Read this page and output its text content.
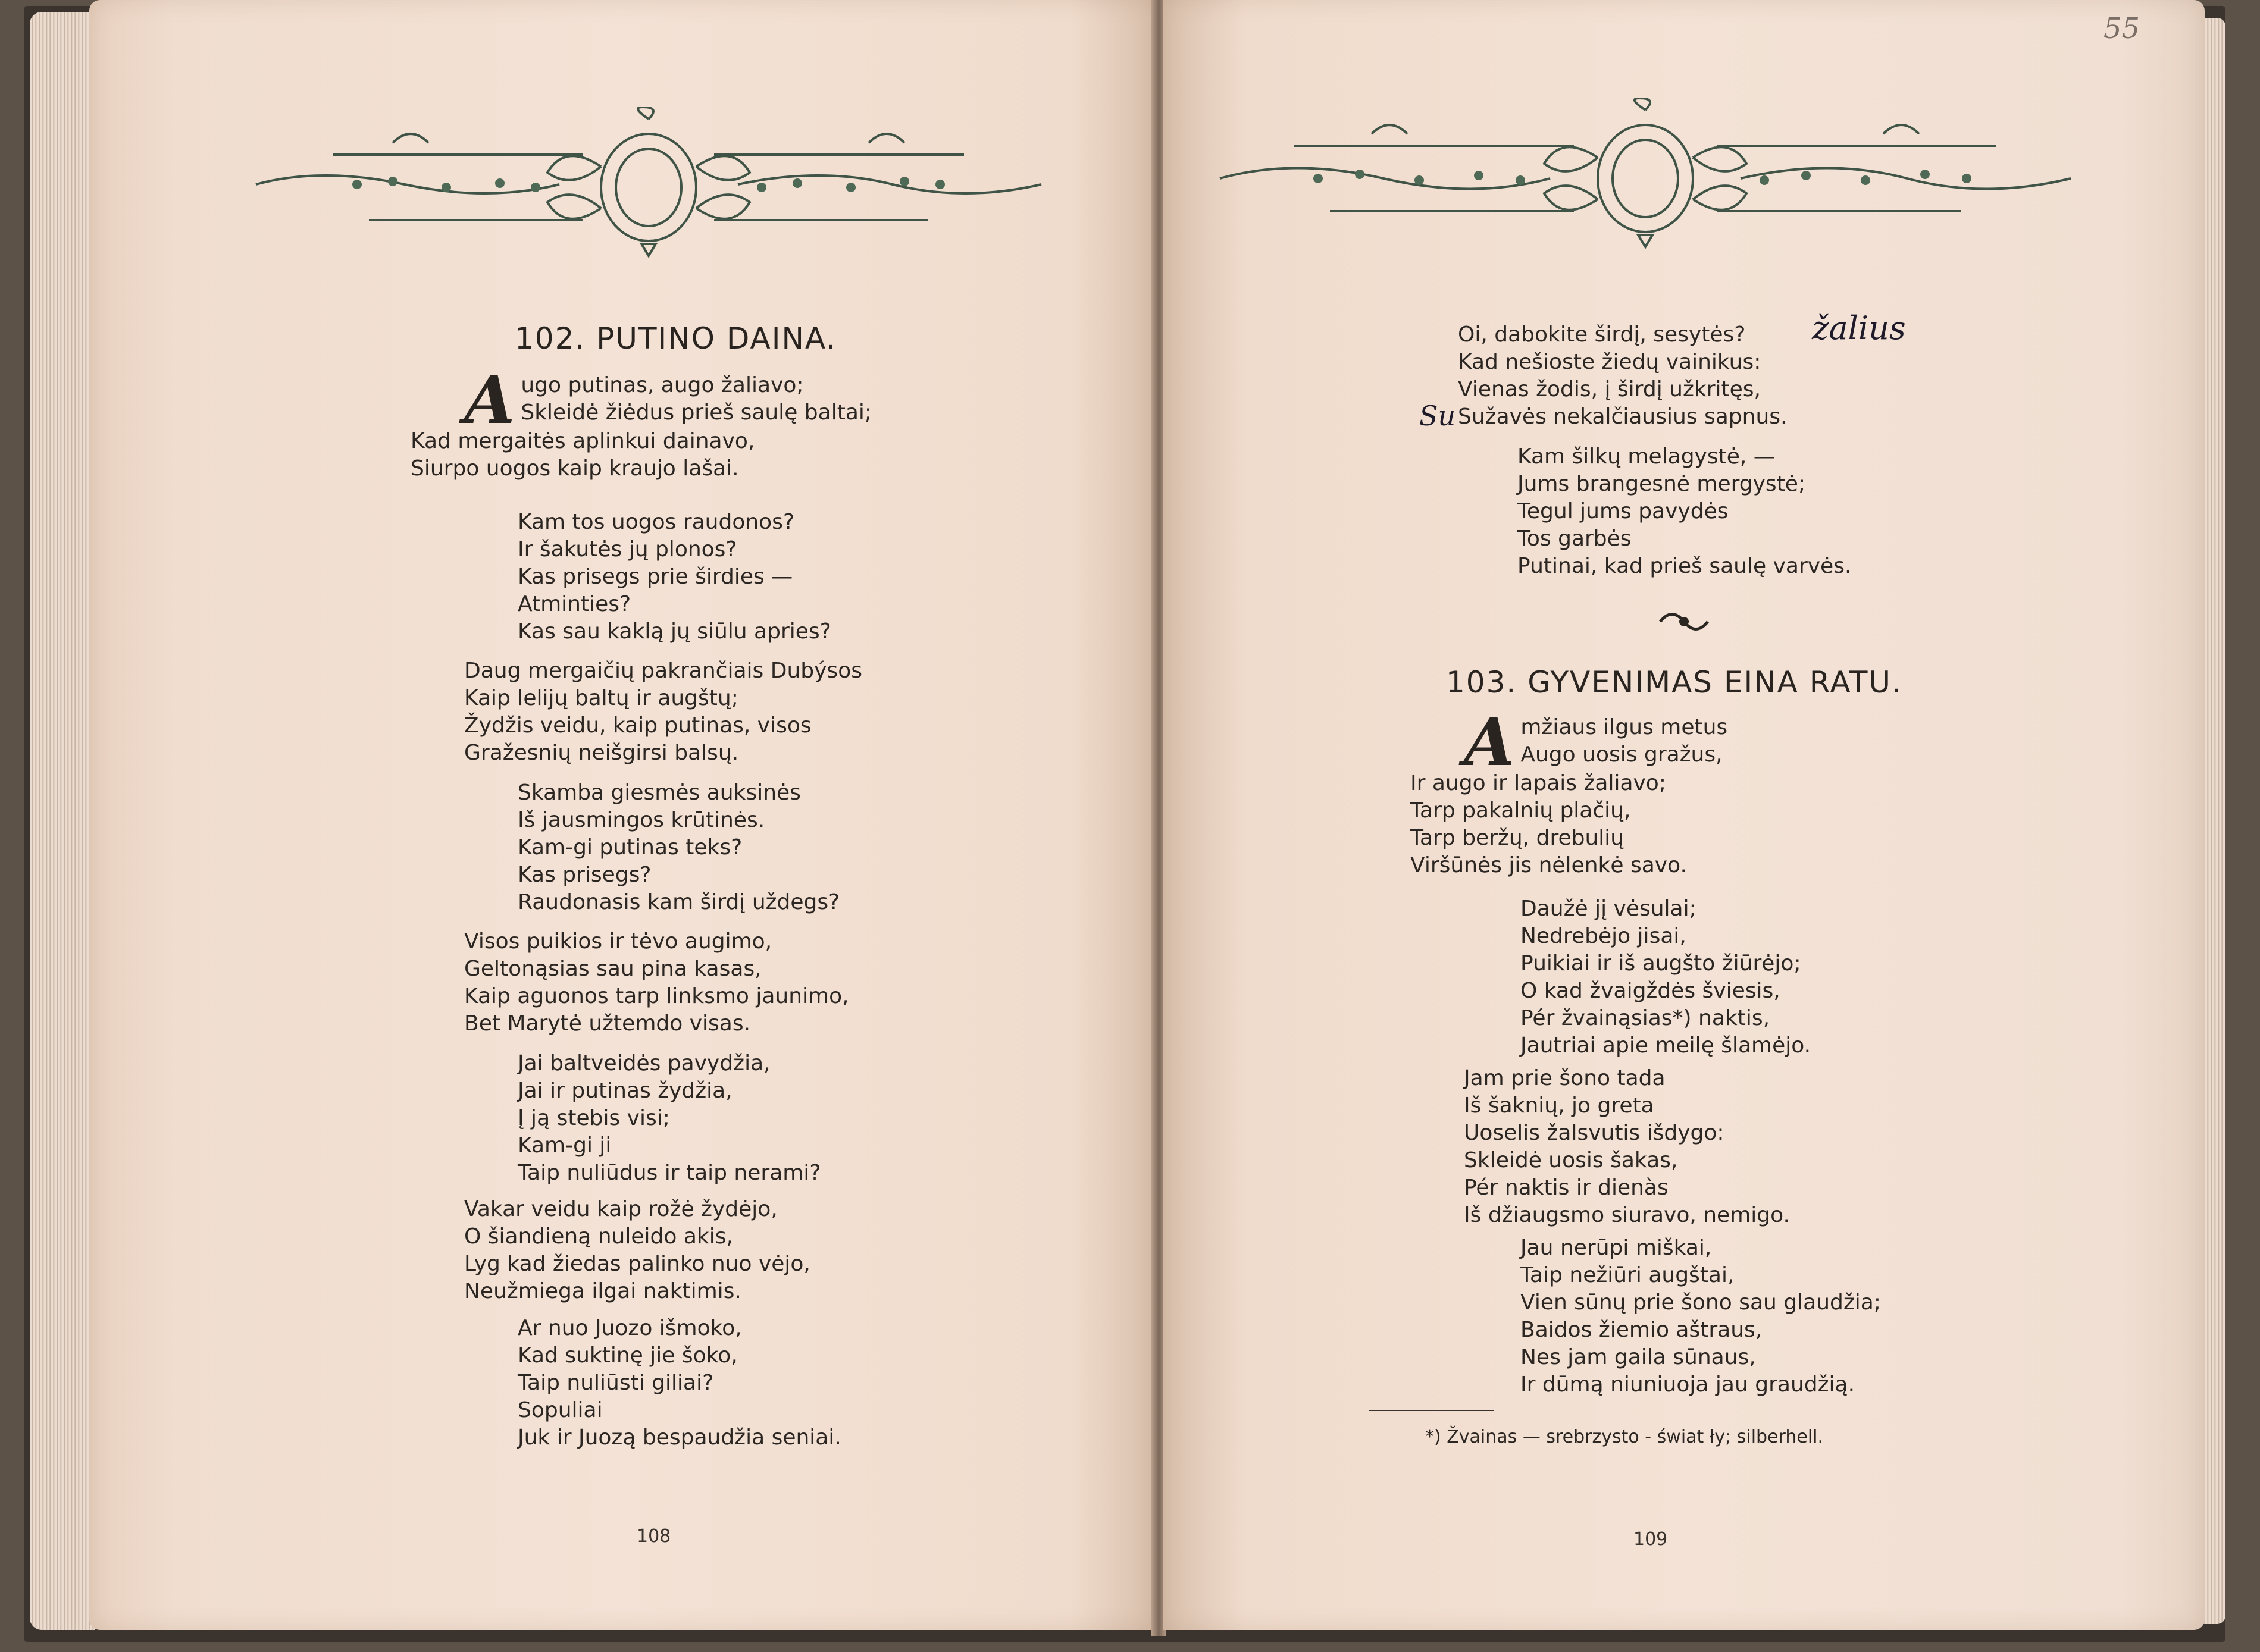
102. PUTINO DAINA.
A ugo putinas, augo žaliavo;
Skleidė žiėdus prieš saulę baltai;
Kad mergaitės aplinkui dainavo,
Siurpo uogos kaip kraujo lašai.
Kam tos uogos raudonos?
Ir šakutės jų plonos?
Kas prisegs prie širdies —
Atminties?
Kas sau kaklą jų siūlu apries?
Daug mergaičių pakrančiais Dubýsos
Kaip lelijų baltų ir augštų;
Žydžis veidu, kaip putinas, visos
Gražesnių neišgirsi balsų.
Skamba giesmės auksinės
Iš jausmingos krūtinės.
Kam-gi putinas teks?
Kas prisegs?
Raudonasis kam širdį uždegs?
Visos puikios ir tėvo augimo,
Geltonąsias sau pina kasas,
Kaip aguonos tarp linksmo jaunimo,
Bet Marytė užtemdo visas.
Jai baltveidės pavydžia,
Jai ir putinas žydžia,
Į ją stebis visi;
Kam-gi ji
Taip nuliūdus ir taip nerami?
Vakar veidu kaip rožė žydėjo,
O šiandieną nuleido akis,
Lyg kad žiedas palinko nuo vėjo,
Neužmiega ilgai naktimis.
Ar nuo Juozo išmoko,
Kad suktinę jie šoko,
Taip nuliūsti giliai?
Sopuliai
Juk ir Juozą bespaudžia seniai.
108
55
Oi, dabokite širdį, sesytės?
Kad nešioste žiedų vainikus:
Vienas žodis, į širdį užkritęs,
Sužavės nekalčiausius sapnus.
žalius
Su
Kam šilkų melagystė, —
Jums brangesnė mergystė;
Tegul jums pavydės
Tos garbės
Putinai, kad prieš saulę varvės.
103. GYVENIMAS EINA RATU.
A mžiaus ilgus metus
Augo uosis gražus,
Ir augo ir lapais žaliavo;
Tarp pakalnių plačių,
Tarp beržų, drebulių
Viršūnės jis nėlenkė savo.
Daužė jį vėsulai;
Nedrebėjo jisai,
Puikiai ir iš augšto žiūrėjo;
O kad žvaigždės šviesis,
Pér žvainąsias*) naktis,
Jautriai apie meilę šlamėjo.
Jam prie šono tada
Iš šaknių, jo greta
Uoselis žalsvutis išdygo:
Skleidė uosis šakas,
Pér naktis ir dienàs
Iš džiaugsmo siuravo, nemigo.
Jau nerūpi miškai,
Taip nežiūri augštai,
Vien sūnų prie šono sau glaudžia;
Baidos žiemio aštraus,
Nes jam gaila sūnaus,
Ir dūmą niuniuoja jau graudžią.
*) Žvainas — srebrzysto - świat ły; silberhell.
109
